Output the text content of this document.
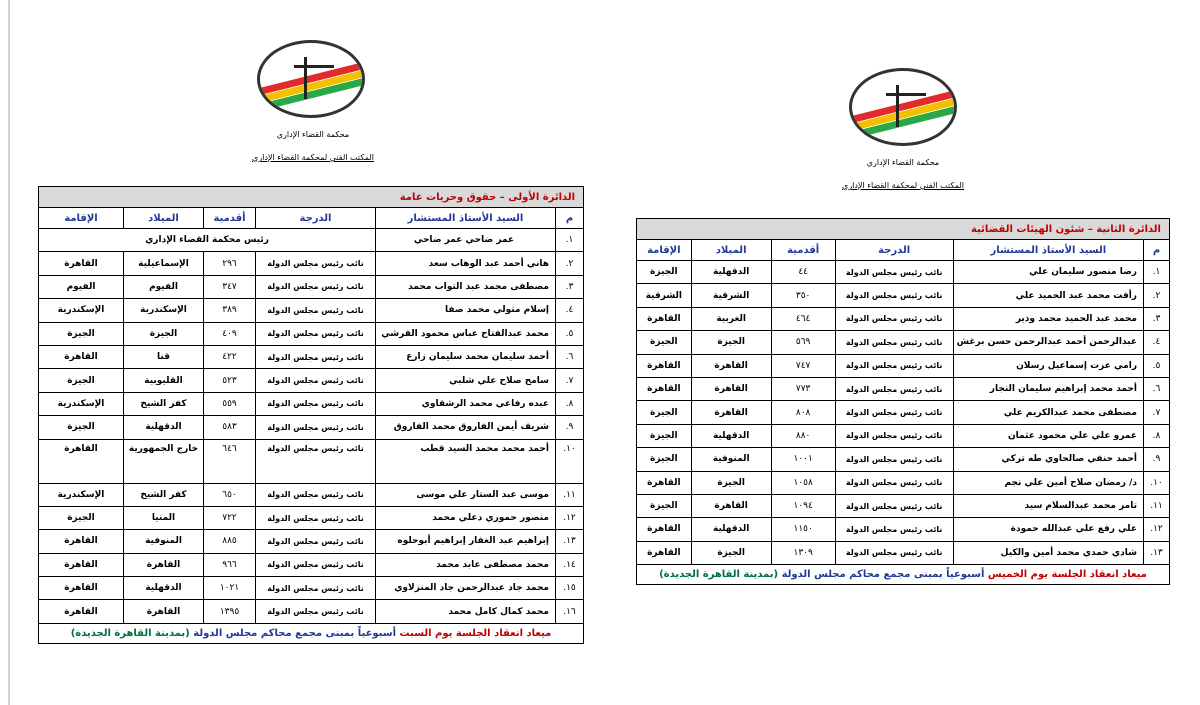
محكمة القضاء الإداري
المكتب الفني لمحكمة القضاء الإداري
الدائرة الأولى – حقوق وحريات عامة					
م	السيد الأستاذ المستشار	الدرجة	أقدمية	الميلاد	الإقامة
١.	عمر ضاحي عمر ضاحي	رئيس محكمة القضاء الإداري			
٢.	هاني أحمد عبد الوهاب سعد	نائب رئيس مجلس الدولة	٢٩٦	الإسماعيلية	القاهرة
٣.	مصطفى محمد عبد التواب محمد	نائب رئيس مجلس الدولة	٣٤٧	الفيوم	الفيوم
٤.	إسلام متولي محمد صفا	نائب رئيس مجلس الدولة	٣٨٩	الإسكندرية	الإسكندرية
٥.	محمد عبدالفتاح عباس محمود القرشي	نائب رئيس مجلس الدولة	٤٠٩	الجيزة	الجيزة
٦.	أحمد سليمان محمد سليمان زارع	نائب رئيس مجلس الدولة	٤٢٢	قنا	القاهرة
٧.	سامح صلاح علي شلبي	نائب رئيس مجلس الدولة	٥٢٣	القليوبية	الجيزة
٨.	عبده رفاعي محمد الرشقاوي	نائب رئيس مجلس الدولة	٥٥٩	كفر الشيخ	الإسكندرية
٩.	شريف أيمن الفاروق محمد الفاروق	نائب رئيس مجلس الدولة	٥٨٣	الدقهلية	الجيزة
١٠.	أحمد محمد محمد السيد قطب	نائب رئيس مجلس الدولة	٦٤٦	خارج الجمهورية	القاهرة
١١.	موسى عبد الستار علي موسى	نائب رئيس مجلس الدولة	٦٥٠	كفر الشيخ	الإسكندرية
١٢.	منصور حموري دعلي محمد	نائب رئيس مجلس الدولة	٧٢٢	المنيا	الجيزة
١٣.	إبراهيم عبد الغفار إبراهيم أبوحلوه	نائب رئيس مجلس الدولة	٨٨٥	المنوفية	القاهرة
١٤.	محمد مصطفى عابد محمد	نائب رئيس مجلس الدولة	٩٦٦	القاهرة	القاهرة
١٥.	محمد جاد عبدالرحمن جاد المنزلاوي	نائب رئيس مجلس الدولة	١٠٢١	الدقهلية	القاهرة
١٦.	محمد كمال كامل محمد	نائب رئيس مجلس الدولة	١٣٩٥	القاهرة	القاهرة
ميعاد انعقاد الجلسة يوم السبت أسبوعياً بمبنى مجمع محاكم مجلس الدولة (بمدينة القاهرة الجديدة)
محكمة القضاء الإداري
المكتب الفني لمحكمة القضاء الإداري
الدائرة الثانية – شئون الهيئات القضائية					
م	السيد الأستاذ المستشار	الدرجة	أقدمية	الميلاد	الإقامة
١.	رضا منصور سليمان علي	نائب رئيس مجلس الدولة	٤٤	الدقهلية	الجيزة
٢.	رأفت محمد عبد الحميد علي	نائب رئيس مجلس الدولة	٣٥٠	الشرقية	الشرقية
٣.	محمد عبد الحميد محمد وذير	نائب رئيس مجلس الدولة	٤٦٤	الغربية	القاهرة
٤.	عبدالرحمن أحمد عبدالرحمن حسن برغش	نائب رئيس مجلس الدولة	٥٦٩	الجيزة	الجيزة
٥.	رامي عزت إسماعيل رسلان	نائب رئيس مجلس الدولة	٧٤٧	القاهرة	القاهرة
٦.	أحمد محمد إبراهيم سليمان النجار	نائب رئيس مجلس الدولة	٧٧٣	القاهرة	القاهرة
٧.	مصطفى محمد عبدالكريم علي	نائب رئيس مجلس الدولة	٨٠٨	القاهرة	الجيزة
٨.	عمرو علي علي محمود عثمان	نائب رئيس مجلس الدولة	٨٨٠	الدقهلية	الجيزة
٩.	أحمد حنفي صالحاوي طه تركي	نائب رئيس مجلس الدولة	١٠٠١	المنوفية	الجيزة
١٠.	د/ رمضان صلاح أمين علي نجم	نائب رئيس مجلس الدولة	١٠٥٨	الجيزة	القاهرة
١١.	تامر محمد عبدالسلام سيد	نائب رئيس مجلس الدولة	١٠٩٤	القاهرة	الجيزة
١٢.	علي رفع علي عبدالله حمودة	نائب رئيس مجلس الدولة	١١٥٠	الدقهلية	القاهرة
١٣.	شادي حمدي محمد أمين والكيل	نائب رئيس مجلس الدولة	١٣٠٩	الجيزة	القاهرة
ميعاد انعقاد الجلسة يوم الخميس أسبوعياً بمبنى مجمع محاكم مجلس الدولة (بمدينة القاهرة الجديدة)
